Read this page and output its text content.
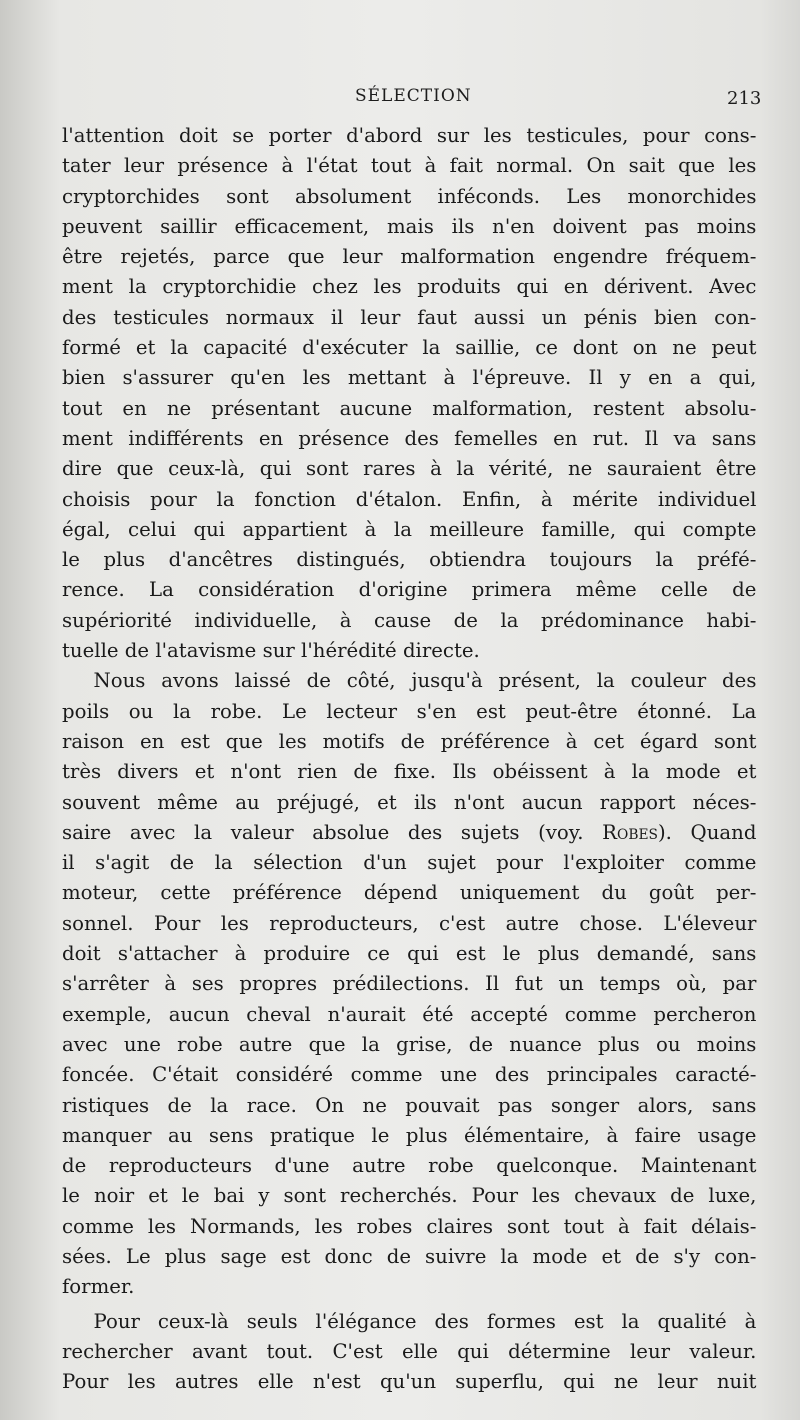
SÉLECTION	213
l'attention doit se porter d'abord sur les testicules, pour cons-
tater leur présence à l'état tout à fait normal. On sait que les
cryptorchides sont absolument inféconds. Les monorchides
peuvent saillir efficacement, mais ils n'en doivent pas moins
être rejetés, parce que leur malformation engendre fréquem-
ment la cryptorchidie chez les produits qui en dérivent. Avec
des testicules normaux il leur faut aussi un pénis bien con-
formé et la capacité d'exécuter la saillie, ce dont on ne peut
bien s'assurer qu'en les mettant à l'épreuve. Il y en a qui,
tout en ne présentant aucune malformation, restent absolu-
ment indifférents en présence des femelles en rut. Il va sans
dire que ceux-là, qui sont rares à la vérité, ne sauraient être
choisis pour la fonction d'étalon. Enfin, à mérite individuel
égal, celui qui appartient à la meilleure famille, qui compte
le plus d'ancêtres distingués, obtiendra toujours la préfé-
rence. La considération d'origine primera même celle de
supériorité individuelle, à cause de la prédominance habi-
tuelle de l'atavisme sur l'hérédité directe.
Nous avons laissé de côté, jusqu'à présent, la couleur des
poils ou la robe. Le lecteur s'en est peut-être étonné. La
raison en est que les motifs de préférence à cet égard sont
très divers et n'ont rien de fixe. Ils obéissent à la mode et
souvent même au préjugé, et ils n'ont aucun rapport néces-
saire avec la valeur absolue des sujets (voy. Robes). Quand
il s'agit de la sélection d'un sujet pour l'exploiter comme
moteur, cette préférence dépend uniquement du goût per-
sonnel. Pour les reproducteurs, c'est autre chose. L'éleveur
doit s'attacher à produire ce qui est le plus demandé, sans
s'arrêter à ses propres prédilections. Il fut un temps où, par
exemple, aucun cheval n'aurait été accepté comme percheron
avec une robe autre que la grise, de nuance plus ou moins
foncée. C'était considéré comme une des principales caracté-
ristiques de la race. On ne pouvait pas songer alors, sans
manquer au sens pratique le plus élémentaire, à faire usage
de reproducteurs d'une autre robe quelconque. Maintenant
le noir et le bai y sont recherchés. Pour les chevaux de luxe,
comme les Normands, les robes claires sont tout à fait délais-
sées. Le plus sage est donc de suivre la mode et de s'y con-
former.
Pour ceux-là seuls l'élégance des formes est la qualité à
rechercher avant tout. C'est elle qui détermine leur valeur.
Pour les autres elle n'est qu'un superflu, qui ne leur nuit
